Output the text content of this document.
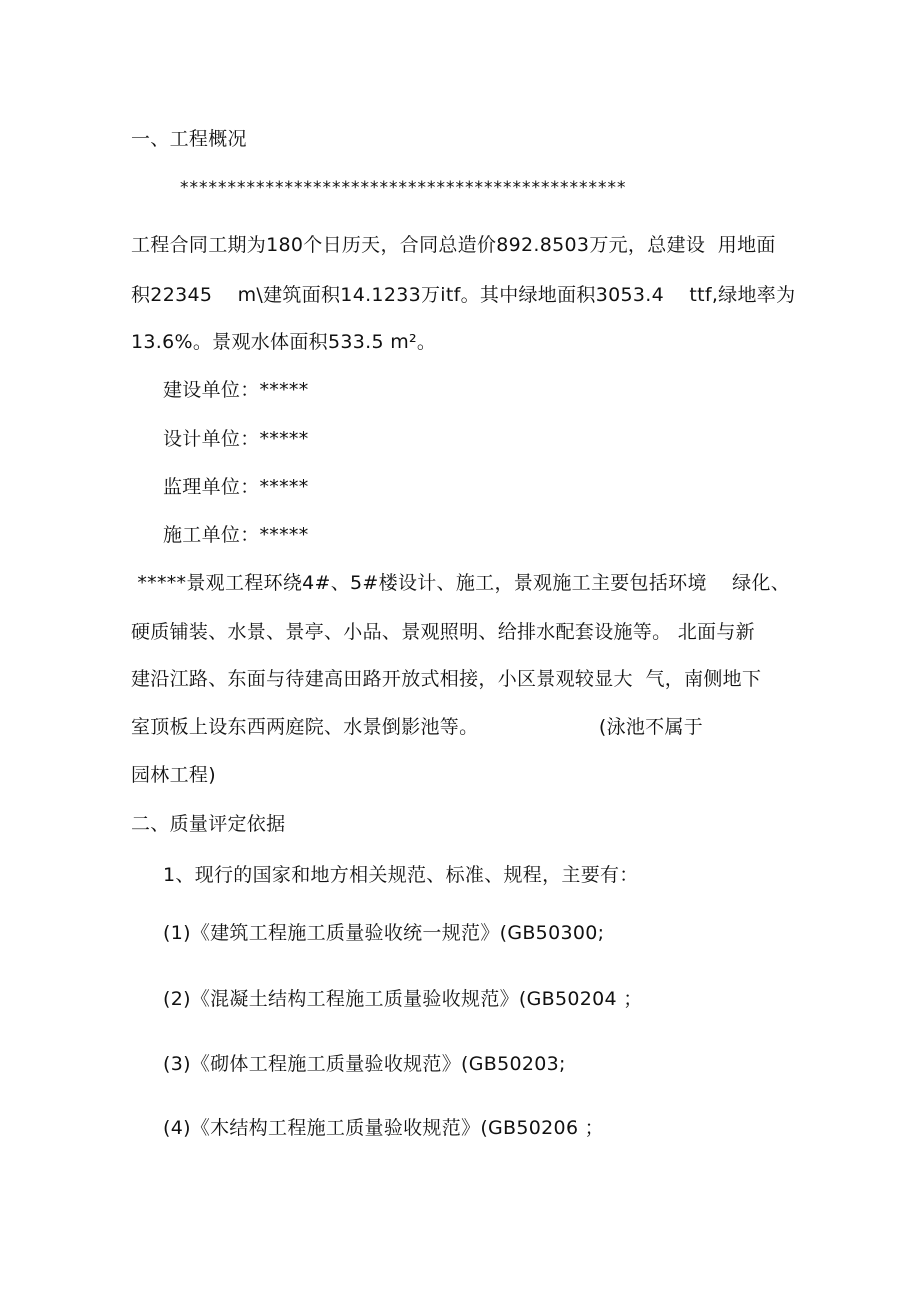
一、工程概况
***********************************************
工程合同工期为180个日历天，合同总造价892.8503万元，总建设  用地面
积22345    m\建筑面积14.1233万itf。其中绿地面积3053.4    ttf,绿地率为
13.6%。景观水体面积533.5 m²。
建设单位：*****
设计单位：*****
监理单位：*****
施工单位：*****
*****景观工程环绕4#、5#楼设计、施工，景观施工主要包括环境    绿化、
硬质铺装、水景、景亭、小品、景观照明、给排水配套设施等。 北面与新
建沿江路、东面与待建高田路开放式相接，小区景观较显大  气，南侧地下
室顶板上设东西两庭院、水景倒影池等。                   (泳池不属于
园林工程)
二、质量评定依据
1、现行的国家和地方相关规范、标准、规程，主要有：
(1)《建筑工程施工质量验收统一规范》(GB50300;
(2)《混凝土结构工程施工质量验收规范》(GB50204 ；
(3)《砌体工程施工质量验收规范》(GB50203;
(4)《木结构工程施工质量验收规范》(GB50206 ；
